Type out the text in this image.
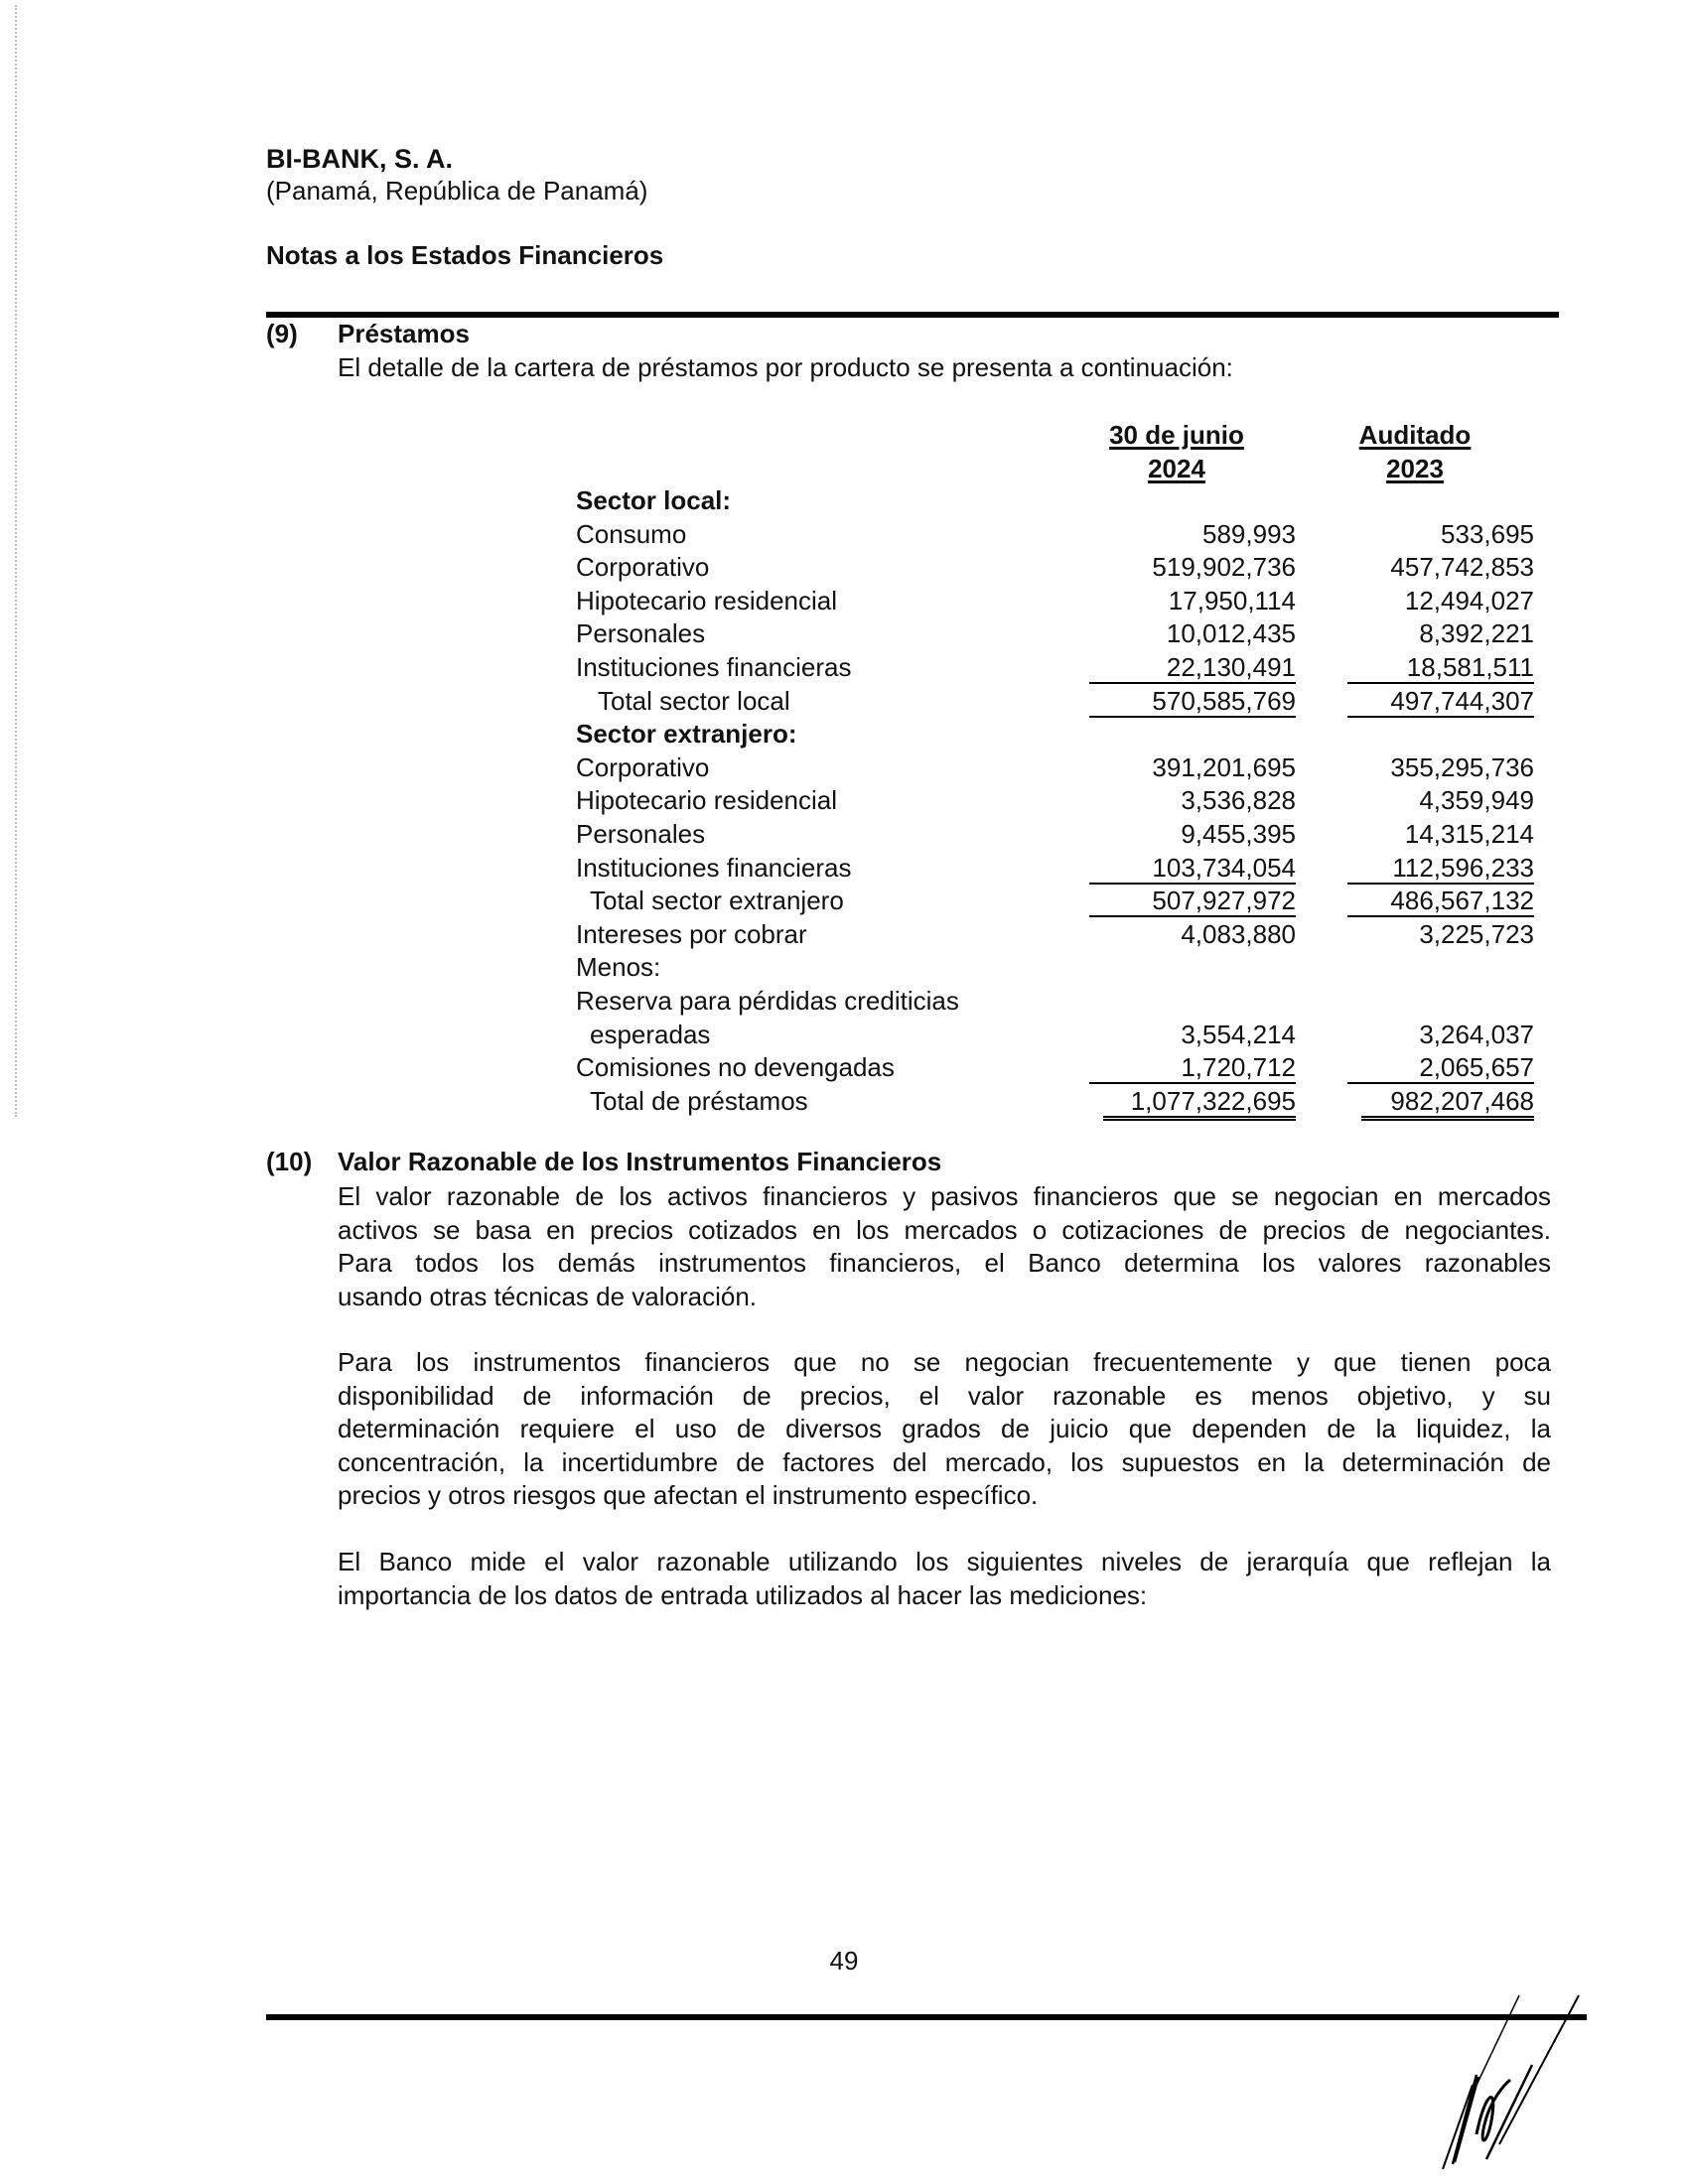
BI-BANK, S. A.
(Panamá, República de Panamá)
Notas a los Estados Financieros
(9) Préstamos
El detalle de la cartera de préstamos por producto se presenta a continuación:
30 de junio
2024
Auditado
2023
Sector local:
Consumo	589,993	533,695
Corporativo	519,902,736	457,742,853
Hipotecario residencial	17,950,114	12,494,027
Personales	10,012,435	8,392,221
Instituciones financieras	22,130,491	18,581,511
Total sector local	570,585,769	497,744,307
Sector extranjero:
Corporativo	391,201,695	355,295,736
Hipotecario residencial	3,536,828	4,359,949
Personales	9,455,395	14,315,214
Instituciones financieras	103,734,054	112,596,233
Total sector extranjero	507,927,972	486,567,132
Intereses por cobrar	4,083,880	3,225,723
Menos:
Reserva para pérdidas crediticias
esperadas	3,554,214	3,264,037
Comisiones no devengadas	1,720,712	2,065,657
Total de préstamos	1,077,322,695	982,207,468
(10) Valor Razonable de los Instrumentos Financieros
El valor razonable de los activos financieros y pasivos financieros que se negocian en mercados
activos se basa en precios cotizados en los mercados o cotizaciones de precios de negociantes.
Para todos los demás instrumentos financieros, el Banco determina los valores razonables
usando otras técnicas de valoración.
Para los instrumentos financieros que no se negocian frecuentemente y que tienen poca
disponibilidad de información de precios, el valor razonable es menos objetivo, y su
determinación requiere el uso de diversos grados de juicio que dependen de la liquidez, la
concentración, la incertidumbre de factores del mercado, los supuestos en la determinación de
precios y otros riesgos que afectan el instrumento específico.
El Banco mide el valor razonable utilizando los siguientes niveles de jerarquía que reflejan la
importancia de los datos de entrada utilizados al hacer las mediciones:
49
